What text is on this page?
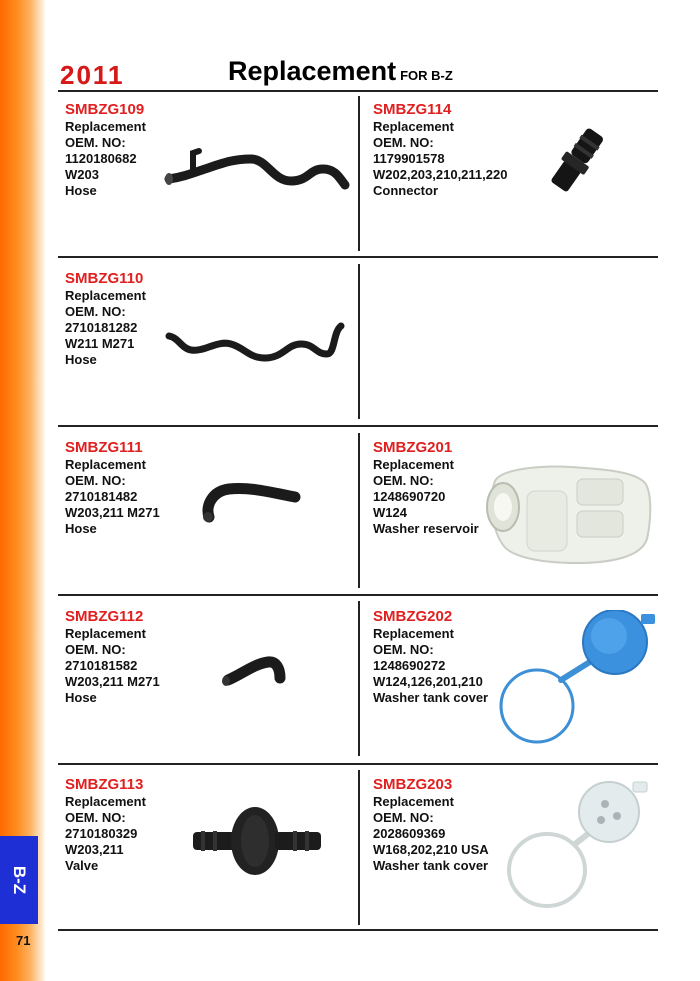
B-Z
71
2011	Replacement FOR B-Z
SMBZG109
Replacement
OEM. NO:
1120180682
W203
Hose
SMBZG114
Replacement
OEM. NO:
1179901578
W202,203,210,211,220
Connector
SMBZG110
Replacement
OEM. NO:
2710181282
W211 M271
Hose
SMBZG111
Replacement
OEM. NO:
2710181482
W203,211 M271
Hose
SMBZG201
Replacement
OEM. NO:
1248690720
W124
Washer reservoir
SMBZG112
Replacement
OEM. NO:
2710181582
W203,211 M271
Hose
SMBZG202
Replacement
OEM. NO:
1248690272
W124,126,201,210
Washer tank cover
SMBZG113
Replacement
OEM. NO:
2710180329
W203,211
Valve
SMBZG203
Replacement
OEM. NO:
2028609369
W168,202,210 USA
Washer tank cover
